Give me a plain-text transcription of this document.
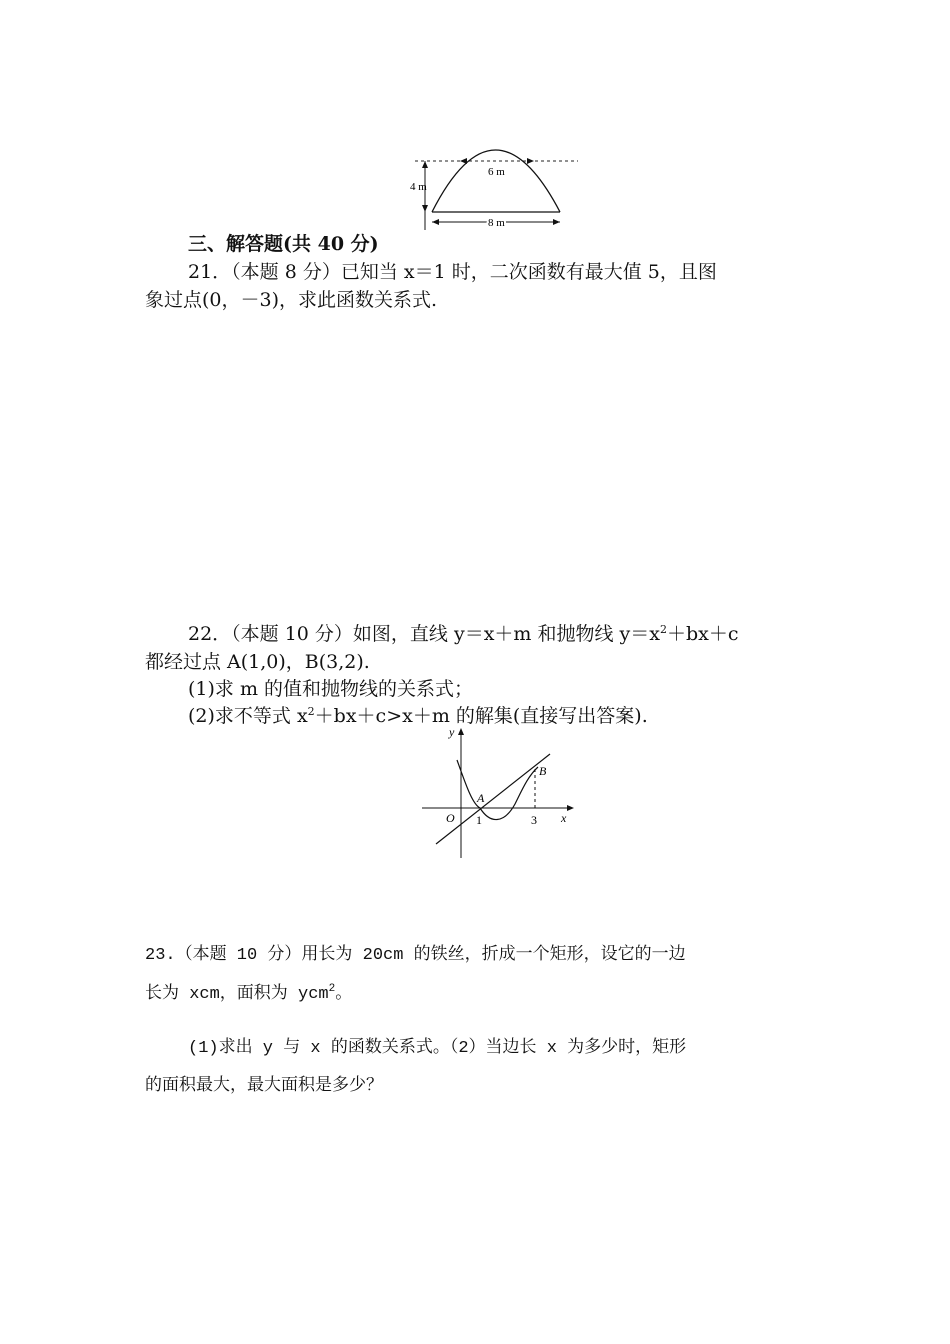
4 m
6 m
8 m
三、解答题(共 40 分)
21．（本题 8 分）已知当 x＝1 时，二次函数有最大值 5，且图
象过点(0，－3)，求此函数关系式.
22．（本题 10 分）如图，直线 y＝x＋m 和抛物线 $y=x^2+bx+c$
都经过点 A(1,0)，B(3,2).
(1)求 m 的值和抛物线的关系式；
(2)求不等式 $x^2+bx+c>x+m$ 的解集(直接写出答案).
y
x
O
A
B
1	3
23.（本题 10 分）用长为 20cm 的铁丝，折成一个矩形，设它的一边
长为 xcm，面积为 ycm$^2$。
(1)求出 y 与 x 的函数关系式。（2）当边长 x 为多少时，矩形
的面积最大，最大面积是多少？
